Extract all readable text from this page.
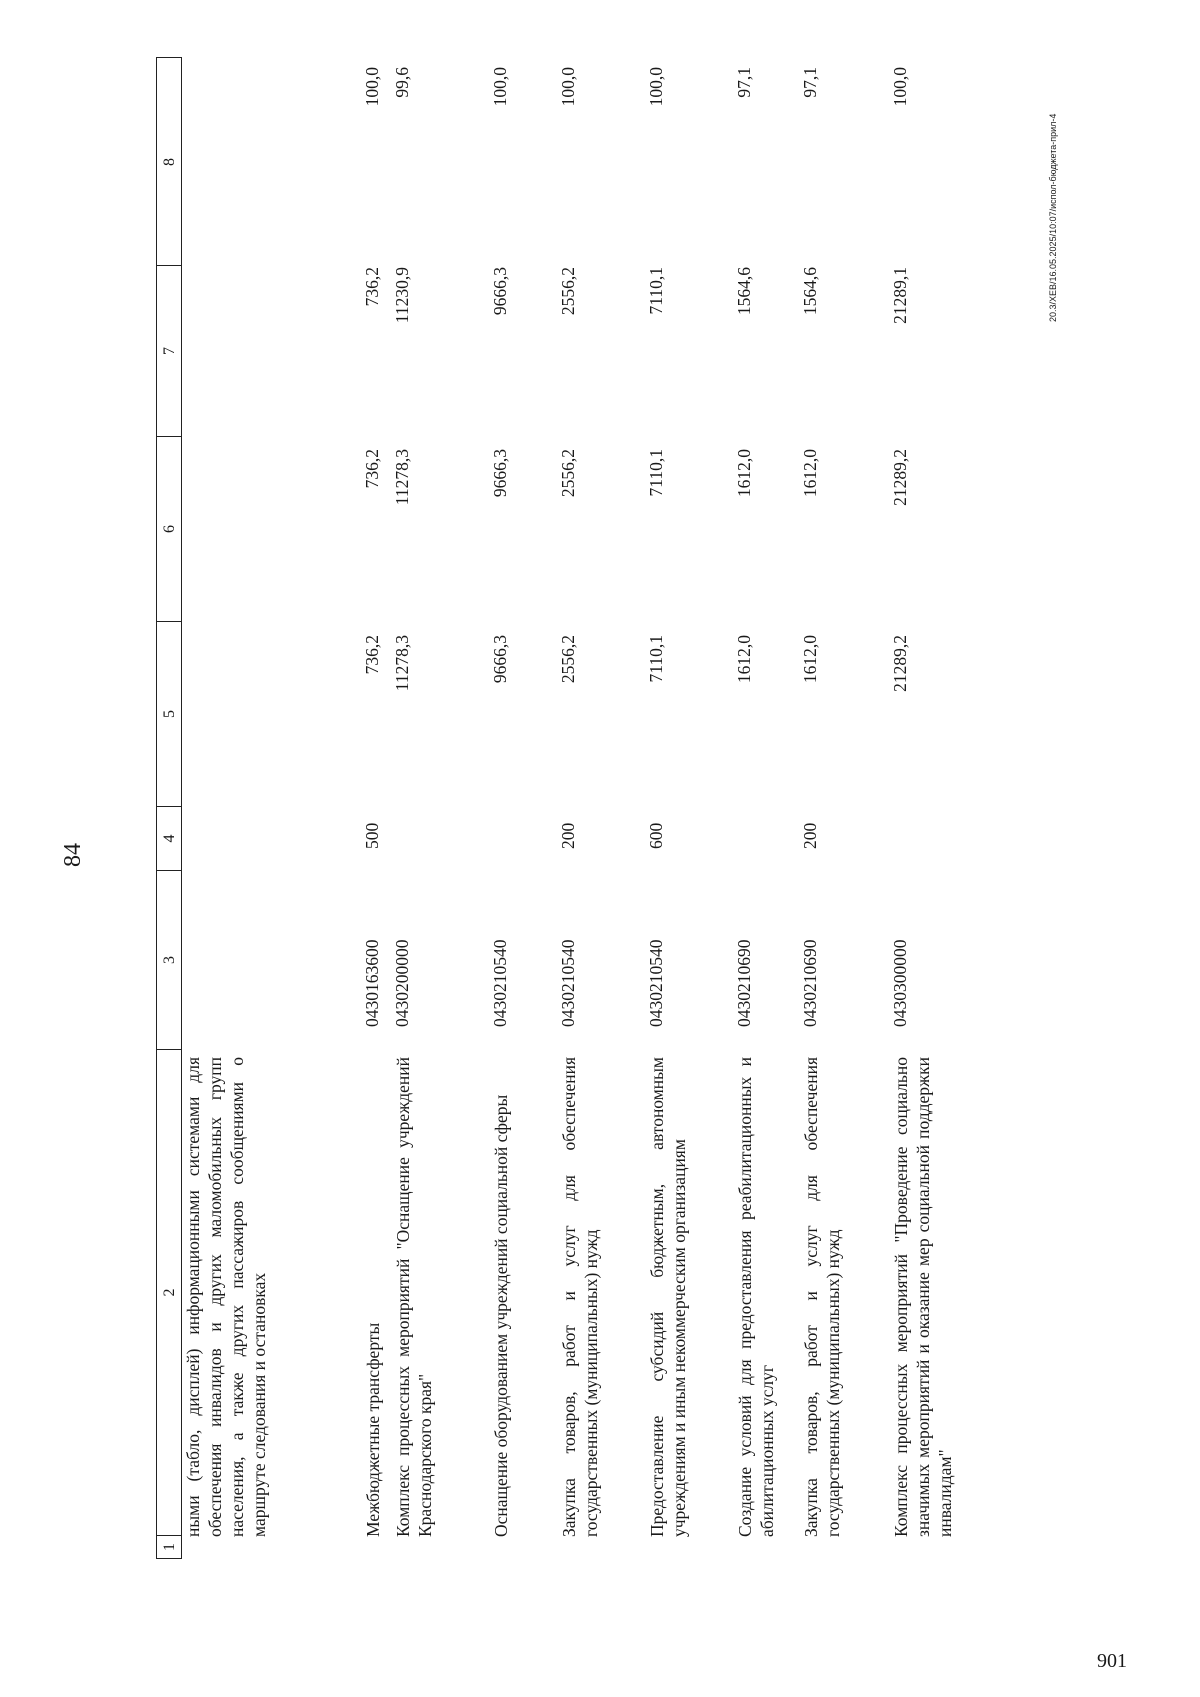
84
1
2
3
4
5
6
7
8
ными (табло, дисплей) информационными системами для обеспечения инвалидов и других маломобильных групп населения, а также других пассажиров сообщениями о маршруте следования и остановках	Межбюджетные трансферты
0430163600
500
736,2
736,2
736,2
100,0
Комплекс процессных мероприятий "Оснащение учреждений Краснодарского края"
0430200000
11278,3
11278,3
11230,9
99,6
Оснащение оборудованием учреждений социальной сферы
0430210540
9666,3
9666,3
9666,3
100,0
Закупка товаров, работ и услуг для обеспечения государственных (муниципальных) нужд
0430210540
200
2556,2
2556,2
2556,2
100,0
Предоставление субсидий бюджетным, автономным учреждениям и иным некоммерческим организациям
0430210540
600
7110,1
7110,1
7110,1
100,0
Создание условий для предоставления реабилитационных и абилитационных услуг
0430210690
1612,0
1612,0
1564,6
97,1
Закупка товаров, работ и услуг для обеспечения государственных (муниципальных) нужд
0430210690
200
1612,0
1612,0
1564,6
97,1
Комплекс процессных мероприятий "Проведение социально значимых мероприятий и оказание мер социальной поддержки инвалидам"
0430300000
21289,2
21289,2
21289,1
100,0
20.3/XEB/16.05.2025/10:07/испол-бюджета-прил-4
901
